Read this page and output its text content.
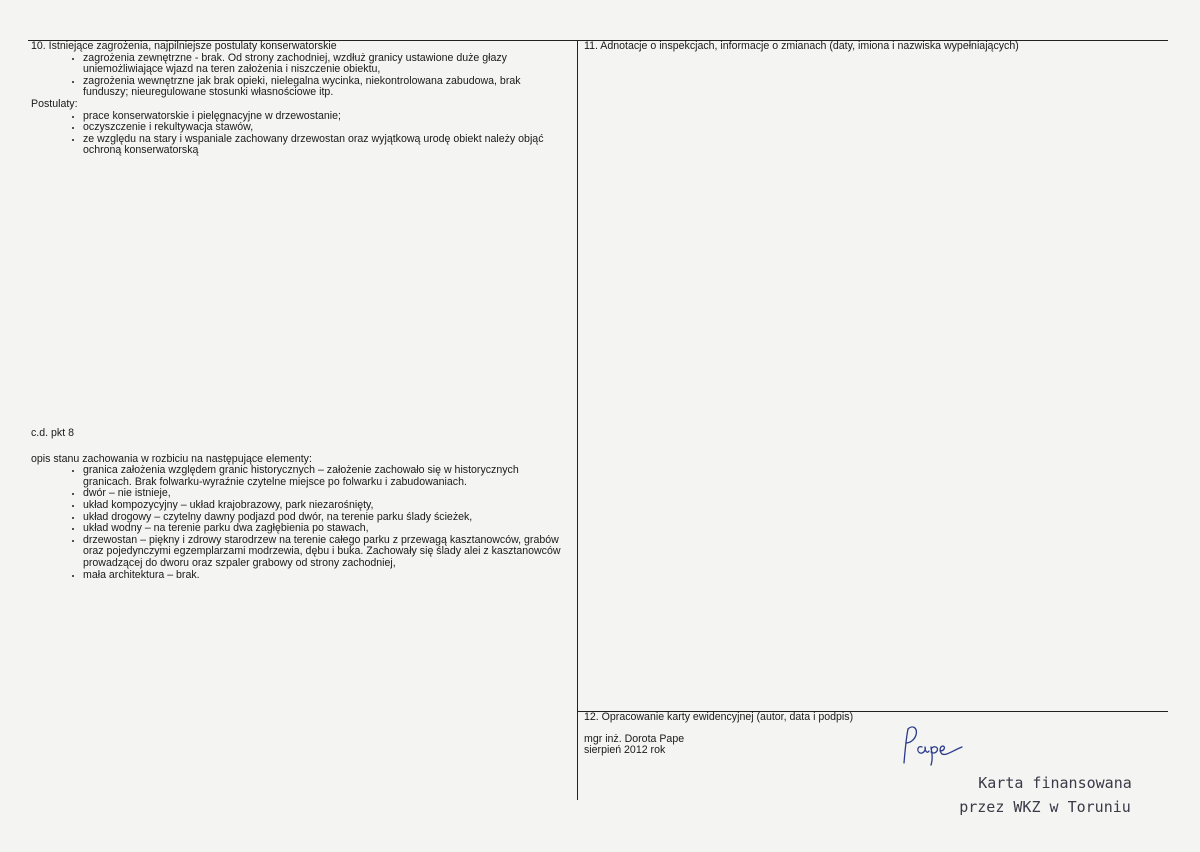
10. Istniejące zagrożenia, najpilniejsze postulaty konserwatorskie

• zagrożenia zewnętrzne - brak. Od strony zachodniej, wzdłuż granicy ustawione duże głazy uniemożliwiające wjazd na teren założenia i niszczenie obiektu,
• zagrożenia wewnętrzne jak brak opieki, nielegalna wycinka, niekontrolowana zabudowa, brak funduszy; nieuregulowane stosunki własnościowe itp.

Postulaty:

• prace konserwatorskie i pielęgnacyjne w drzewostanie;
• oczyszczenie i rekultywacja stawów,
• ze względu na stary i wspaniale zachowany drzewostan oraz wyjątkową urodę obiekt należy objąć ochroną konserwatorską

c.d. pkt 8

opis stanu zachowania w rozbiciu na następujące elementy:

• granica założenia względem granic historycznych – założenie zachowało się w historycznych granicach. Brak folwarku-wyraźnie czytelne miejsce po folwarku i zabudowaniach.
• dwór – nie istnieje,
• układ kompozycyjny – układ krajobrazowy, park niezarośnięty,
• układ drogowy – czytelny dawny podjazd pod dwór, na terenie parku ślady ścieżek,
• układ wodny – na terenie parku dwa zagłębienia po stawach,
• drzewostan – piękny i zdrowy starodrzew na terenie całego parku z przewagą kasztanowców, grabów oraz pojedynczymi egzemplarzami modrzewia, dębu i buka. Zachowały się ślady alei z kasztanowców prowadzącej do dworu oraz szpaler grabowy od strony zachodniej,
• mała architektura – brak.

11. Adnotacje o inspekcjach, informacje o zmianach (daty, imiona i nazwiska wypełniających)

12. Opracowanie karty ewidencyjnej (autor, data i podpis)

mgr inż. Dorota Pape

sierpień 2012 rok

Karta finansowana
przez WKZ w Toruniu
